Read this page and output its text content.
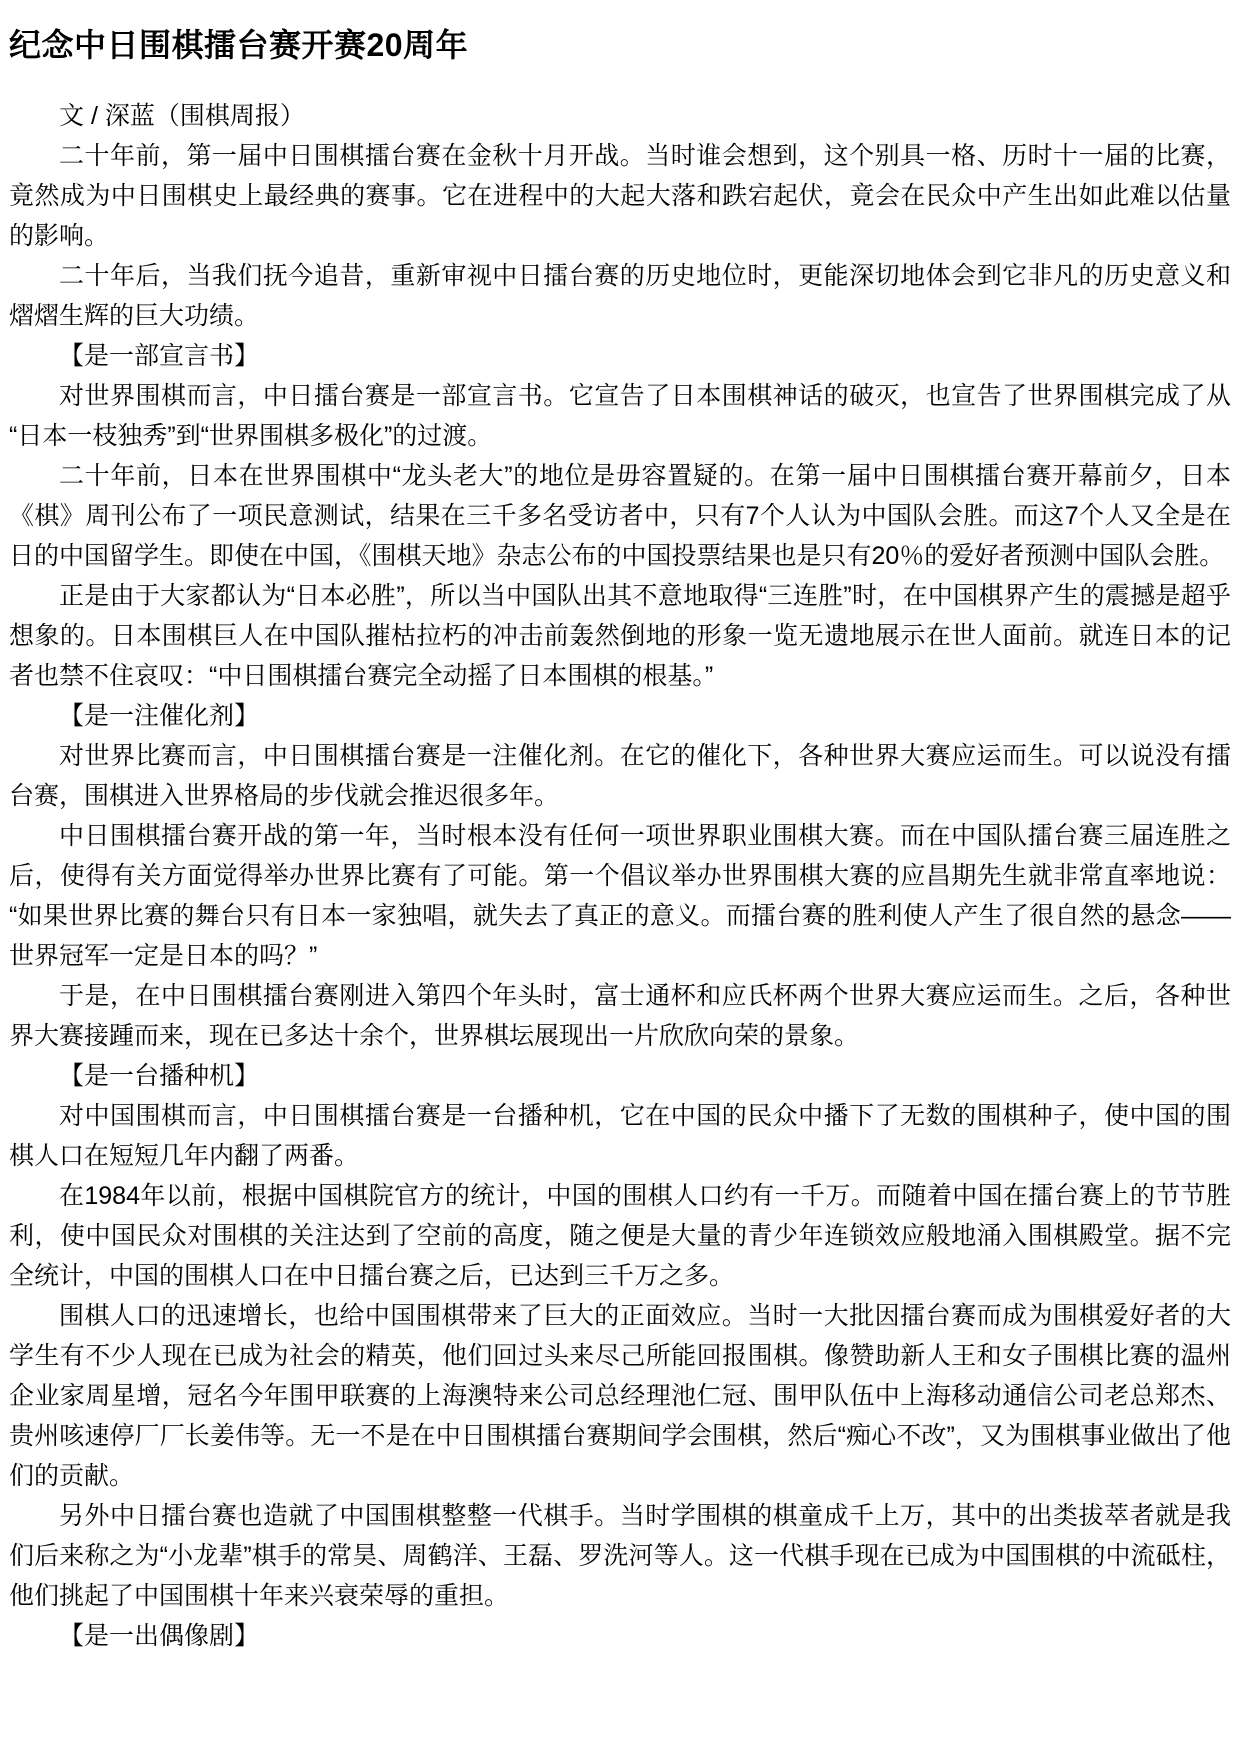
纪念中日围棋擂台赛开赛20周年

文 / 深蓝（围棋周报）

二十年前，第一届中日围棋擂台赛在金秋十月开战。当时谁会想到，这个别具一格、历时十一届的比赛，竟然成为中日围棋史上最经典的赛事。它在进程中的大起大落和跌宕起伏，竟会在民众中产生出如此难以估量的影响。

二十年后，当我们抚今追昔，重新审视中日擂台赛的历史地位时，更能深切地体会到它非凡的历史意义和熠熠生辉的巨大功绩。

【是一部宣言书】

对世界围棋而言，中日擂台赛是一部宣言书。它宣告了日本围棋神话的破灭，也宣告了世界围棋完成了从“日本一枝独秀”到“世界围棋多极化”的过渡。

二十年前，日本在世界围棋中“龙头老大”的地位是毋容置疑的。在第一届中日围棋擂台赛开幕前夕，日本《棋》周刊公布了一项民意测试，结果在三千多名受访者中，只有7个人认为中国队会胜。而这7个人又全是在日的中国留学生。即使在中国，《围棋天地》杂志公布的中国投票结果也是只有20％的爱好者预测中国队会胜。

正是由于大家都认为“日本必胜”，所以当中国队出其不意地取得“三连胜”时，在中国棋界产生的震撼是超乎想象的。日本围棋巨人在中国队摧枯拉朽的冲击前轰然倒地的形象一览无遗地展示在世人面前。就连日本的记者也禁不住哀叹：“中日围棋擂台赛完全动摇了日本围棋的根基。”

【是一注催化剂】

对世界比赛而言，中日围棋擂台赛是一注催化剂。在它的催化下，各种世界大赛应运而生。可以说没有擂台赛，围棋进入世界格局的步伐就会推迟很多年。

中日围棋擂台赛开战的第一年，当时根本没有任何一项世界职业围棋大赛。而在中国队擂台赛三届连胜之后，使得有关方面觉得举办世界比赛有了可能。第一个倡议举办世界围棋大赛的应昌期先生就非常直率地说：“如果世界比赛的舞台只有日本一家独唱，就失去了真正的意义。而擂台赛的胜利使人产生了很自然的悬念——世界冠军一定是日本的吗？”

于是，在中日围棋擂台赛刚进入第四个年头时，富士通杯和应氏杯两个世界大赛应运而生。之后，各种世界大赛接踵而来，现在已多达十余个，世界棋坛展现出一片欣欣向荣的景象。

【是一台播种机】

对中国围棋而言，中日围棋擂台赛是一台播种机，它在中国的民众中播下了无数的围棋种子，使中国的围棋人口在短短几年内翻了两番。

在1984年以前，根据中国棋院官方的统计，中国的围棋人口约有一千万。而随着中国在擂台赛上的节节胜利，使中国民众对围棋的关注达到了空前的高度，随之便是大量的青少年连锁效应般地涌入围棋殿堂。据不完全统计，中国的围棋人口在中日擂台赛之后，已达到三千万之多。

围棋人口的迅速增长，也给中国围棋带来了巨大的正面效应。当时一大批因擂台赛而成为围棋爱好者的大学生有不少人现在已成为社会的精英，他们回过头来尽己所能回报围棋。像赞助新人王和女子围棋比赛的温州企业家周星增，冠名今年围甲联赛的上海澳特来公司总经理池仁冠、围甲队伍中上海移动通信公司老总郑杰、贵州咳速停厂厂长姜伟等。无一不是在中日围棋擂台赛期间学会围棋，然后“痴心不改”，又为围棋事业做出了他们的贡献。

另外中日擂台赛也造就了中国围棋整整一代棋手。当时学围棋的棋童成千上万，其中的出类拔萃者就是我们后来称之为“小龙辈”棋手的常昊、周鹤洋、王磊、罗洗河等人。这一代棋手现在已成为中国围棋的中流砥柱，他们挑起了中国围棋十年来兴衰荣辱的重担。

【是一出偶像剧】
